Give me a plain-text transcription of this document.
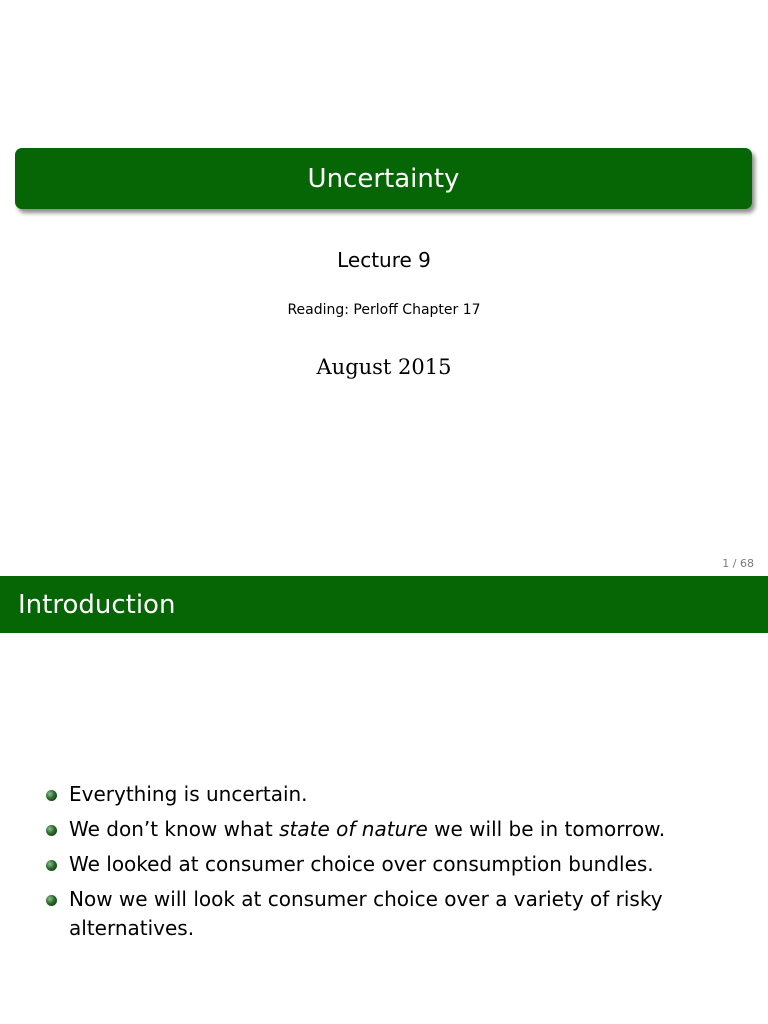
Uncertainty
Lecture 9
Reading: Perloff Chapter 17
August 2015
1 / 68
Introduction
Everything is uncertain.
We don’t know what state of nature we will be in tomorrow.
We looked at consumer choice over consumption bundles.
Now we will look at consumer choice over a variety of risky alternatives.
